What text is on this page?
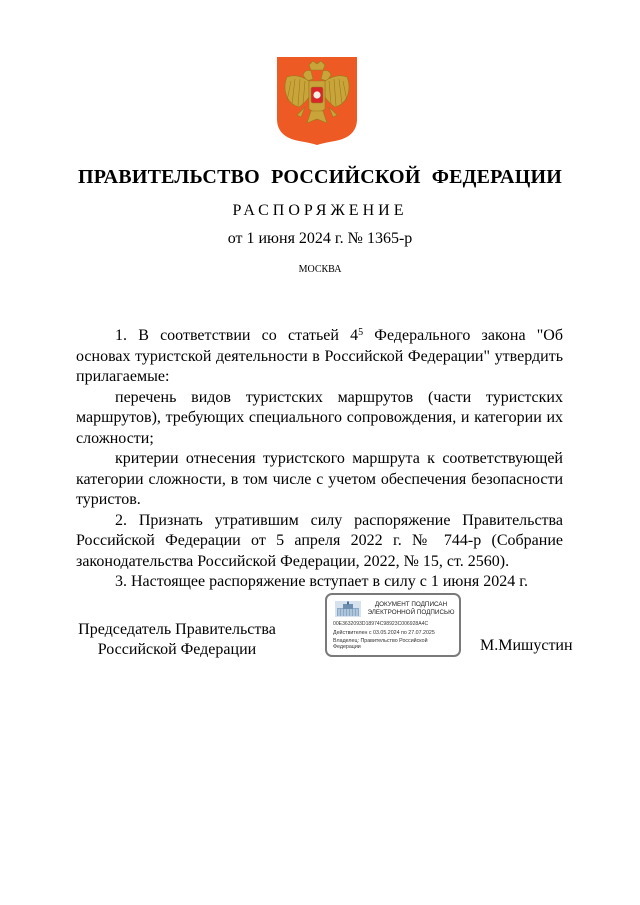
ПРАВИТЕЛЬСТВО РОССИЙСКОЙ ФЕДЕРАЦИИ
РАСПОРЯЖЕНИЕ
от 1 июня 2024 г. № 1365-р
МОСКВА

1. В соответствии со статьей $4^5$ Федерального закона "Об основах туристской деятельности в Российской Федерации" утвердить прилагаемые:

перечень видов туристских маршрутов (части туристских маршрутов), требующих специального сопровождения, и категории их сложности;

критерии отнесения туристского маршрута к соответствующей категории сложности, в том числе с учетом обеспечения безопасности туристов.

2. Признать утратившим силу распоряжение Правительства Российской Федерации от 5 апреля 2022 г. № 744-р (Собрание законодательства Российской Федерации, 2022, № 15, ст. 2560).

3. Настоящее распоряжение вступает в силу с 1 июня 2024 г.

Председатель Правительства
Российской Федерации
ДОКУМЕНТ ПОДПИСАН
ЭЛЕКТРОННОЙ ПОДПИСЬЮ
00E3632093D18974C98923C006928A4C
Действителен с 03.05.2024 по 27.07.2025
Владелец: Правительство Российской
Федерации	М.Мишустин
